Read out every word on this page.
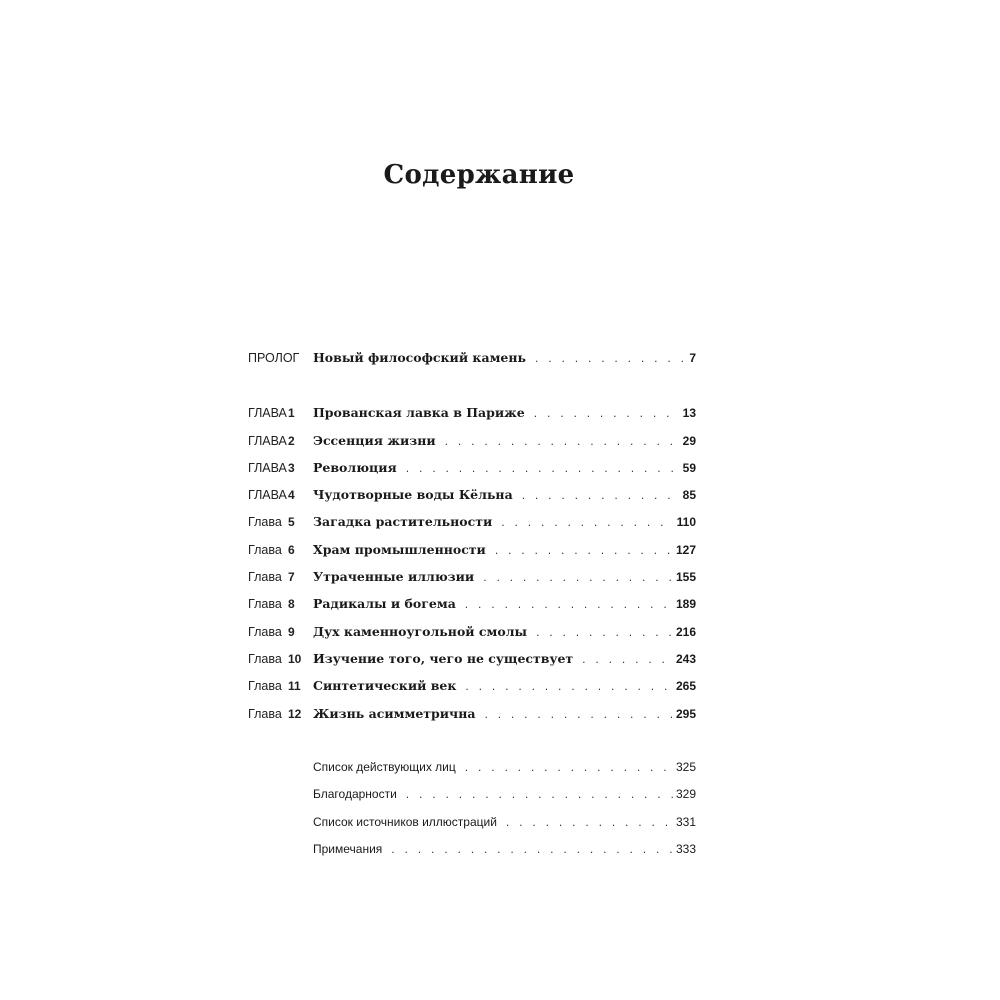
Содержание
ПРОЛОГ Новый философский камень . . .	7
ГЛАВА 1 Прованская лавка в Париже . . .	13
ГЛАВА 2 Эссенция жизни . . .	29
ГЛАВА 3 Революция . . .	59
ГЛАВА 4 Чудотворные воды Кёльна . . .	85
Глава 5 Загадка растительности . . .	110
Глава 6 Храм промышленности . . .	127
Глава 7 Утраченные иллюзии . . .	155
Глава 8 Радикалы и богема . . .	189
Глава 9 Дух каменноугольной смолы . . .	216
Глава 10 Изучение того, чего не существует . . .	243
Глава 11 Синтетический век . . .	265
Глава 12 Жизнь асимметрична . . .	295
Список действующих лиц . . .	325
Благодарности . . .	329
Список источников иллюстраций . . .	331
Примечания . . .	333
